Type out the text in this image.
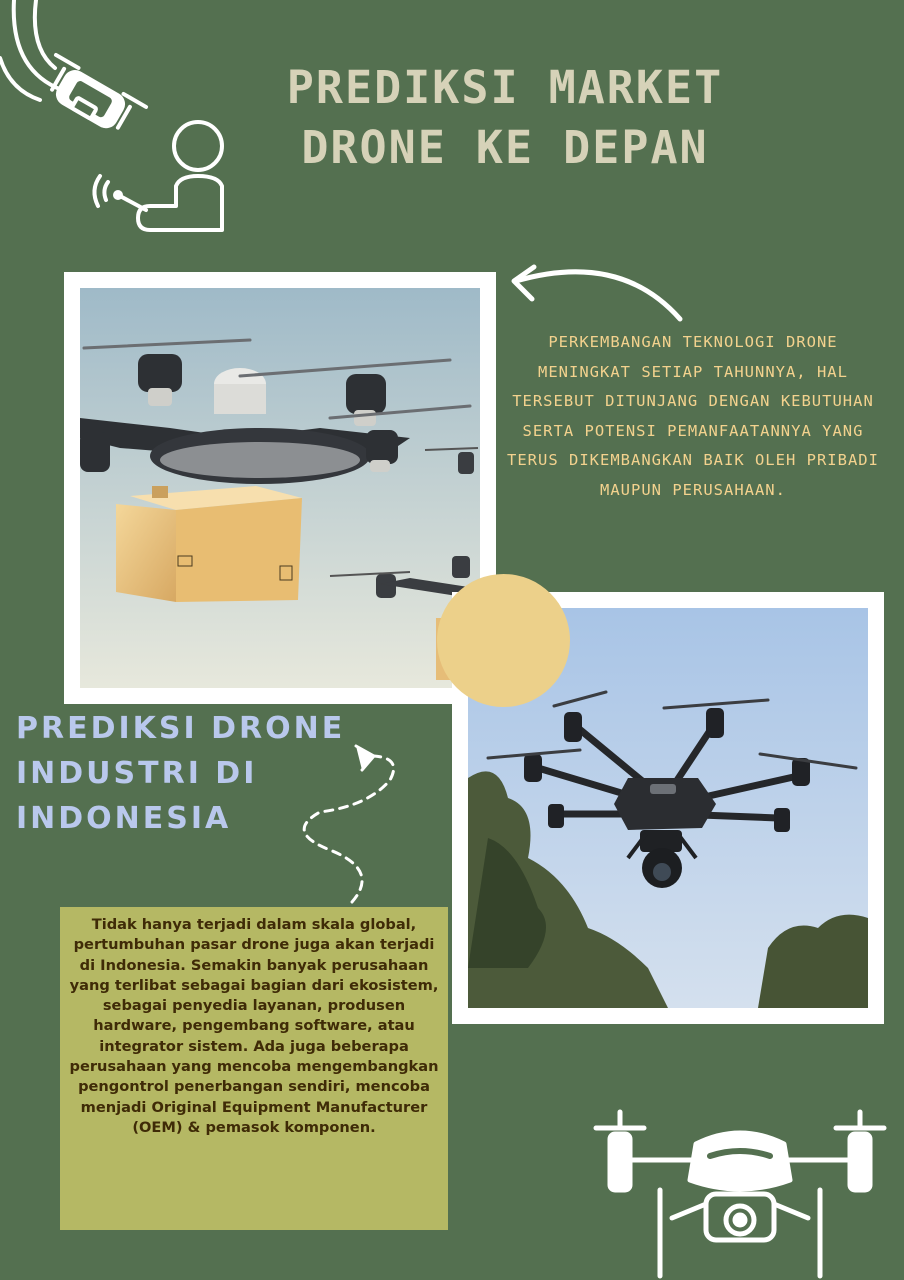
PREDIKSI MARKET
DRONE KE DEPAN

PERKEMBANGAN TEKNOLOGI DRONE MENINGKAT SETIAP TAHUNNYA, HAL TERSEBUT DITUNJANG DENGAN KEBUTUHAN SERTA POTENSI PEMANFAATANNYA YANG TERUS DIKEMBANGKAN BAIK OLEH PRIBADI MAUPUN PERUSAHAAN.

PREDIKSI DRONE
INDUSTRI DI
INDONESIA

Tidak hanya terjadi dalam skala global, pertumbuhan pasar drone juga akan terjadi di Indonesia. Semakin banyak perusahaan yang terlibat sebagai bagian dari ekosistem, sebagai penyedia layanan, produsen hardware, pengembang software, atau integrator sistem. Ada juga beberapa perusahaan yang mencoba mengembangkan pengontrol penerbangan sendiri, mencoba menjadi Original Equipment Manufacturer (OEM) & pemasok komponen.
